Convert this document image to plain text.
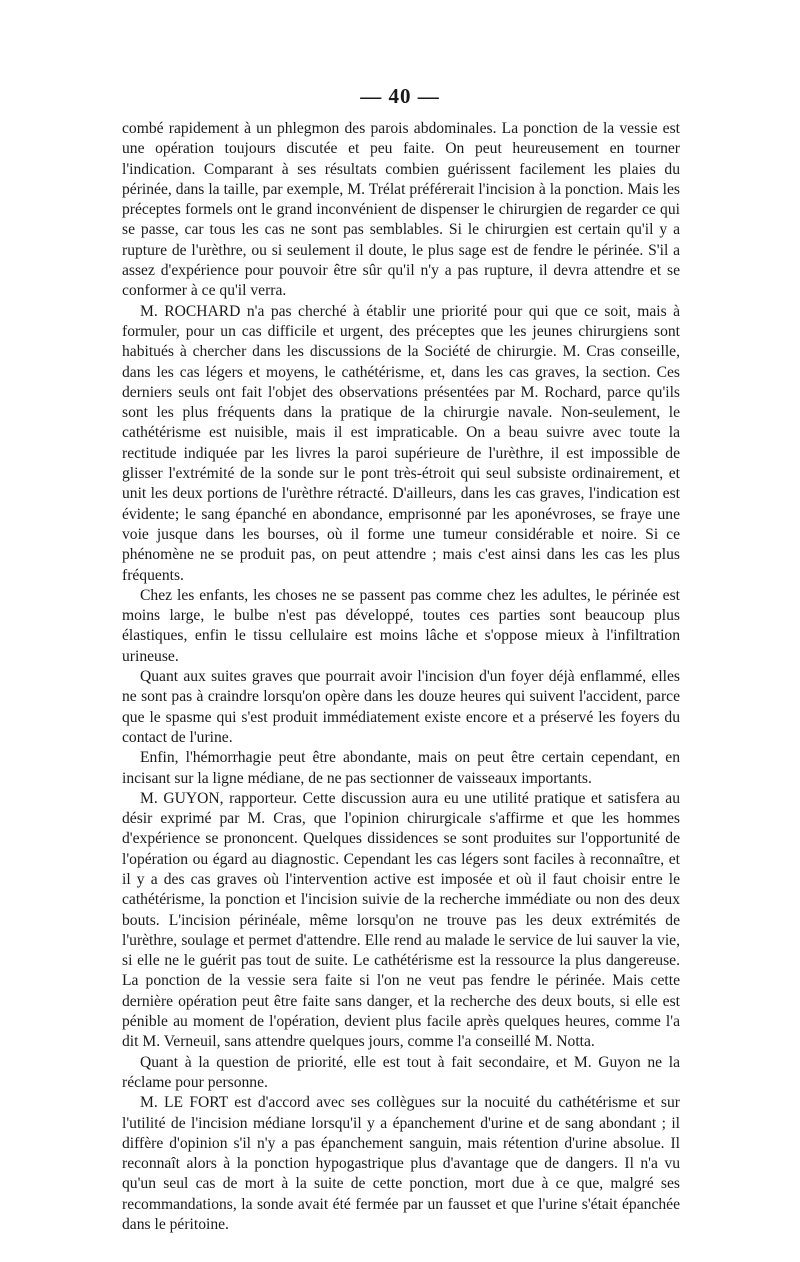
— 40 —

combé rapidement à un phlegmon des parois abdominales. La ponction de la vessie est une opération toujours discutée et peu faite. On peut heureusement en tourner l'indication. Comparant à ses résultats combien guérissent facilement les plaies du périnée, dans la taille, par exemple, M. Trélat préférerait l'incision à la ponction. Mais les préceptes formels ont le grand inconvénient de dispenser le chirurgien de regarder ce qui se passe, car tous les cas ne sont pas semblables. Si le chirurgien est certain qu'il y a rupture de l'urèthre, ou si seulement il doute, le plus sage est de fendre le périnée. S'il a assez d'expérience pour pouvoir être sûr qu'il n'y a pas rupture, il devra attendre et se conformer à ce qu'il verra.

M. ROCHARD n'a pas cherché à établir une priorité pour qui que ce soit, mais à formuler, pour un cas difficile et urgent, des préceptes que les jeunes chirurgiens sont habitués à chercher dans les discussions de la Société de chirurgie. M. Cras conseille, dans les cas légers et moyens, le cathétérisme, et, dans les cas graves, la section. Ces derniers seuls ont fait l'objet des observations présentées par M. Rochard, parce qu'ils sont les plus fréquents dans la pratique de la chirurgie navale. Non-seulement, le cathétérisme est nuisible, mais il est impraticable. On a beau suivre avec toute la rectitude indiquée par les livres la paroi supérieure de l'urèthre, il est impossible de glisser l'extrémité de la sonde sur le pont très-étroit qui seul subsiste ordinairement, et unit les deux portions de l'urèthre rétracté. D'ailleurs, dans les cas graves, l'indication est évidente; le sang épanché en abondance, emprisonné par les aponévroses, se fraye une voie jusque dans les bourses, où il forme une tumeur considérable et noire. Si ce phénomène ne se produit pas, on peut attendre ; mais c'est ainsi dans les cas les plus fréquents.

Chez les enfants, les choses ne se passent pas comme chez les adultes, le périnée est moins large, le bulbe n'est pas développé, toutes ces parties sont beaucoup plus élastiques, enfin le tissu cellulaire est moins lâche et s'oppose mieux à l'infiltration urineuse.

Quant aux suites graves que pourrait avoir l'incision d'un foyer déjà enflammé, elles ne sont pas à craindre lorsqu'on opère dans les douze heures qui suivent l'accident, parce que le spasme qui s'est produit immédiatement existe encore et a préservé les foyers du contact de l'urine.

Enfin, l'hémorrhagie peut être abondante, mais on peut être certain cependant, en incisant sur la ligne médiane, de ne pas sectionner de vaisseaux importants.

M. GUYON, rapporteur. Cette discussion aura eu une utilité pratique et satisfera au désir exprimé par M. Cras, que l'opinion chirurgicale s'affirme et que les hommes d'expérience se prononcent. Quelques dissidences se sont produites sur l'opportunité de l'opération ou égard au diagnostic. Cependant les cas légers sont faciles à reconnaître, et il y a des cas graves où l'intervention active est imposée et où il faut choisir entre le cathétérisme, la ponction et l'incision suivie de la recherche immédiate ou non des deux bouts. L'incision périnéale, même lorsqu'on ne trouve pas les deux extrémités de l'urèthre, soulage et permet d'attendre. Elle rend au malade le service de lui sauver la vie, si elle ne le guérit pas tout de suite. Le cathétérisme est la ressource la plus dangereuse. La ponction de la vessie sera faite si l'on ne veut pas fendre le périnée. Mais cette dernière opération peut être faite sans danger, et la recherche des deux bouts, si elle est pénible au moment de l'opération, devient plus facile après quelques heures, comme l'a dit M. Verneuil, sans attendre quelques jours, comme l'a conseillé M. Notta.

Quant à la question de priorité, elle est tout à fait secondaire, et M. Guyon ne la réclame pour personne.

M. LE FORT est d'accord avec ses collègues sur la nocuité du cathétérisme et sur l'utilité de l'incision médiane lorsqu'il y a épanchement d'urine et de sang abondant ; il diffère d'opinion s'il n'y a pas épanchement sanguin, mais rétention d'urine absolue. Il reconnaît alors à la ponction hypogastrique plus d'avantage que de dangers. Il n'a vu qu'un seul cas de mort à la suite de cette ponction, mort due à ce que, malgré ses recommandations, la sonde avait été fermée par un fausset et que l'urine s'était épanchée dans le péritoine.
